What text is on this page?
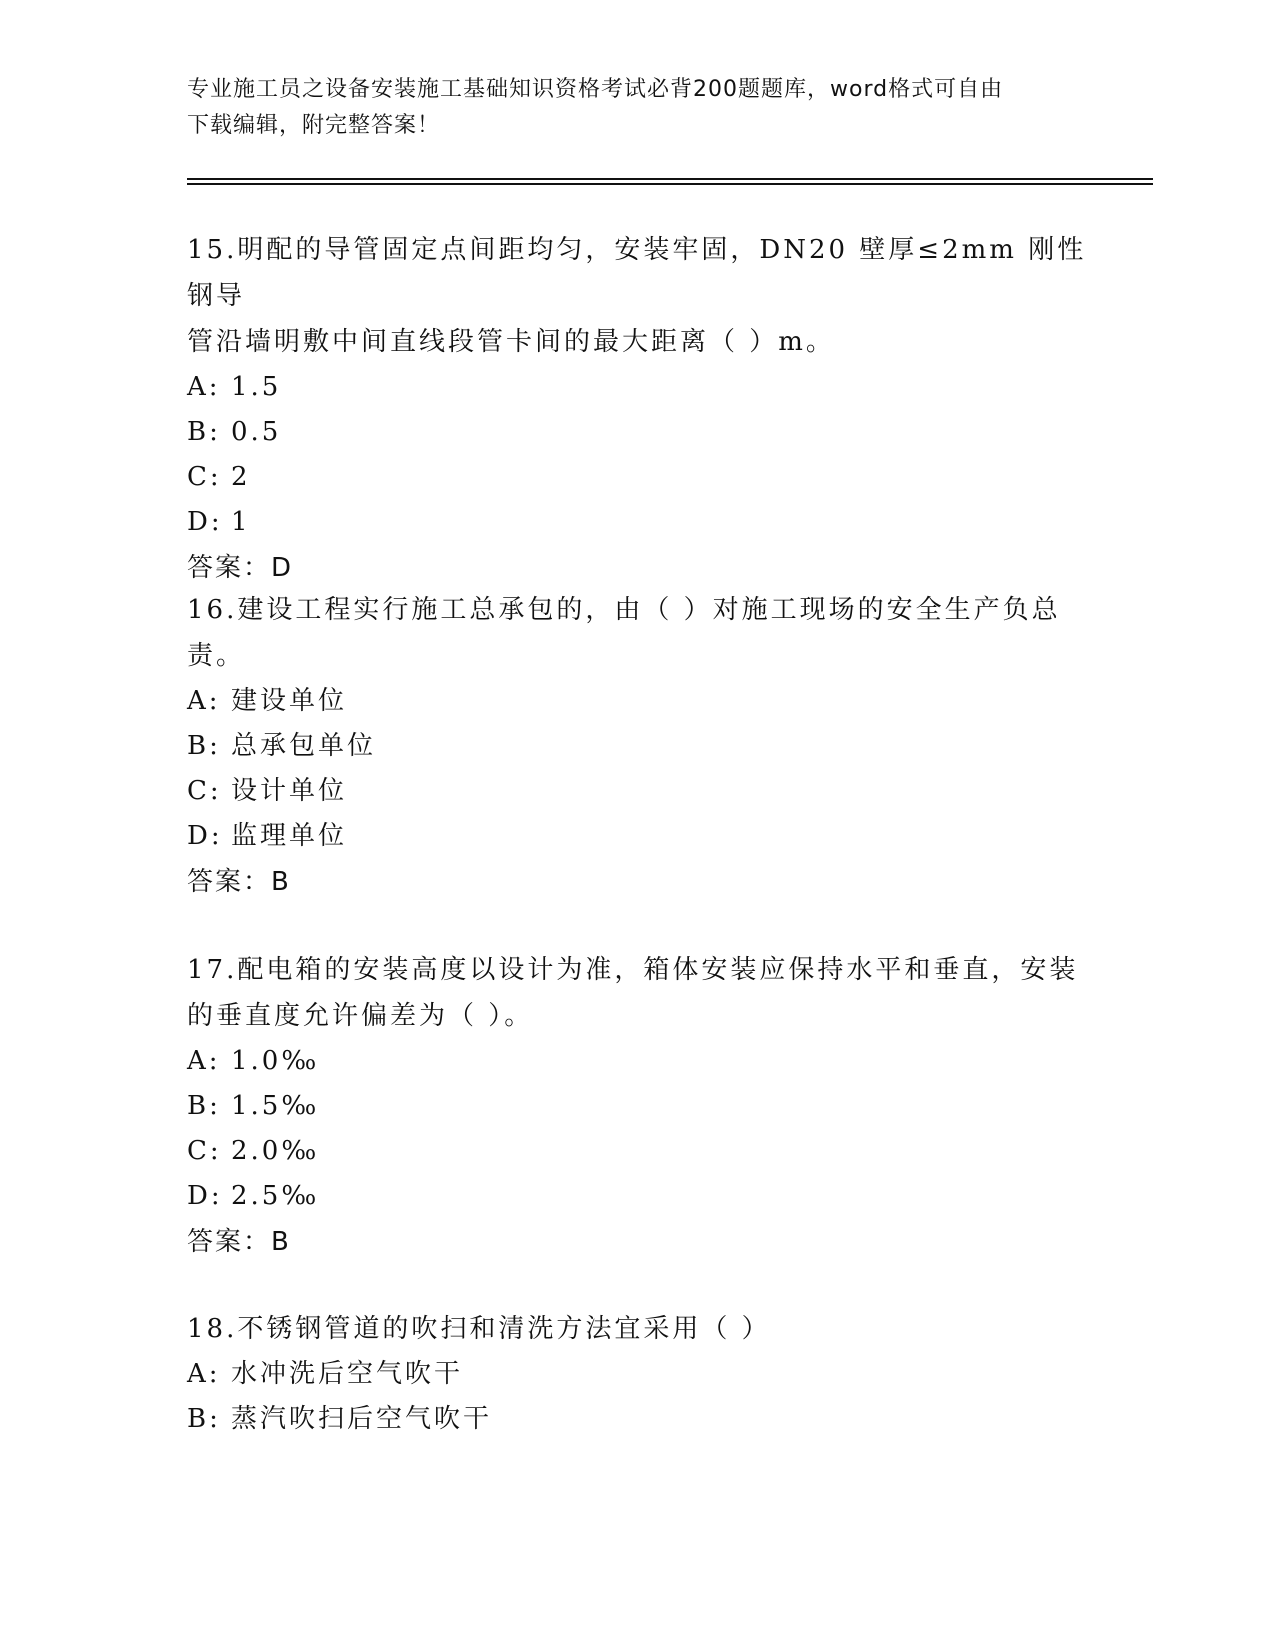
专业施工员之设备安装施工基础知识资格考试必背200题题库，word格式可自由
下载编辑，附完整答案！
15.明配的导管固定点间距均匀，安装牢固，DN20 壁厚≤2mm 刚性钢导
管沿墙明敷中间直线段管卡间的最大距离（ ）m。
A: 1.5
B: 0.5
C: 2
D: 1
答案：D
16.建设工程实行施工总承包的，由（ ）对施工现场的安全生产负总
责。
A: 建设单位
B: 总承包单位
C: 设计单位
D: 监理单位
答案：B
17.配电箱的安装高度以设计为准，箱体安装应保持水平和垂直，安装
的垂直度允许偏差为（ ）。
A: 1.0‰
B: 1.5‰
C: 2.0‰
D: 2.5‰
答案：B
18.不锈钢管道的吹扫和清洗方法宜采用（ ）
A: 水冲洗后空气吹干
B: 蒸汽吹扫后空气吹干
